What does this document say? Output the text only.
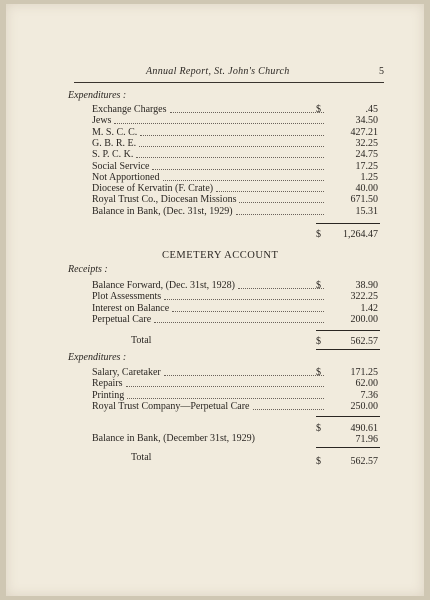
Annual Report, St. John's Church	5
Expenditures :
Exchange Charges	$	.45
Jews	34.50
M. S. C. C.	427.21
G. B. R. E.	32.25
S. P. C. K.	24.75
Social Service	17.25
Not Apportioned	1.25
Diocese of Kervatin (F. Crate)	40.00
Royal Trust Co., Diocesan Missions	671.50
Balance in Bank, (Dec. 31st, 1929)	15.31
$	1,264.47
CEMETERY ACCOUNT
Receipts :
Balance Forward, (Dec. 31st, 1928)	$	38.90
Plot Assessments	322.25
Interest on Balance	1.42
Perpetual Care	200.00
Total	$	562.57
Expenditures :
Salary, Caretaker	$	171.25
Repairs	62.00
Printing	7.36
Royal Trust Company—Perpetual Care	250.00
$	490.61
Balance in Bank, (December 31st, 1929)	71.96
Total	$	562.57
